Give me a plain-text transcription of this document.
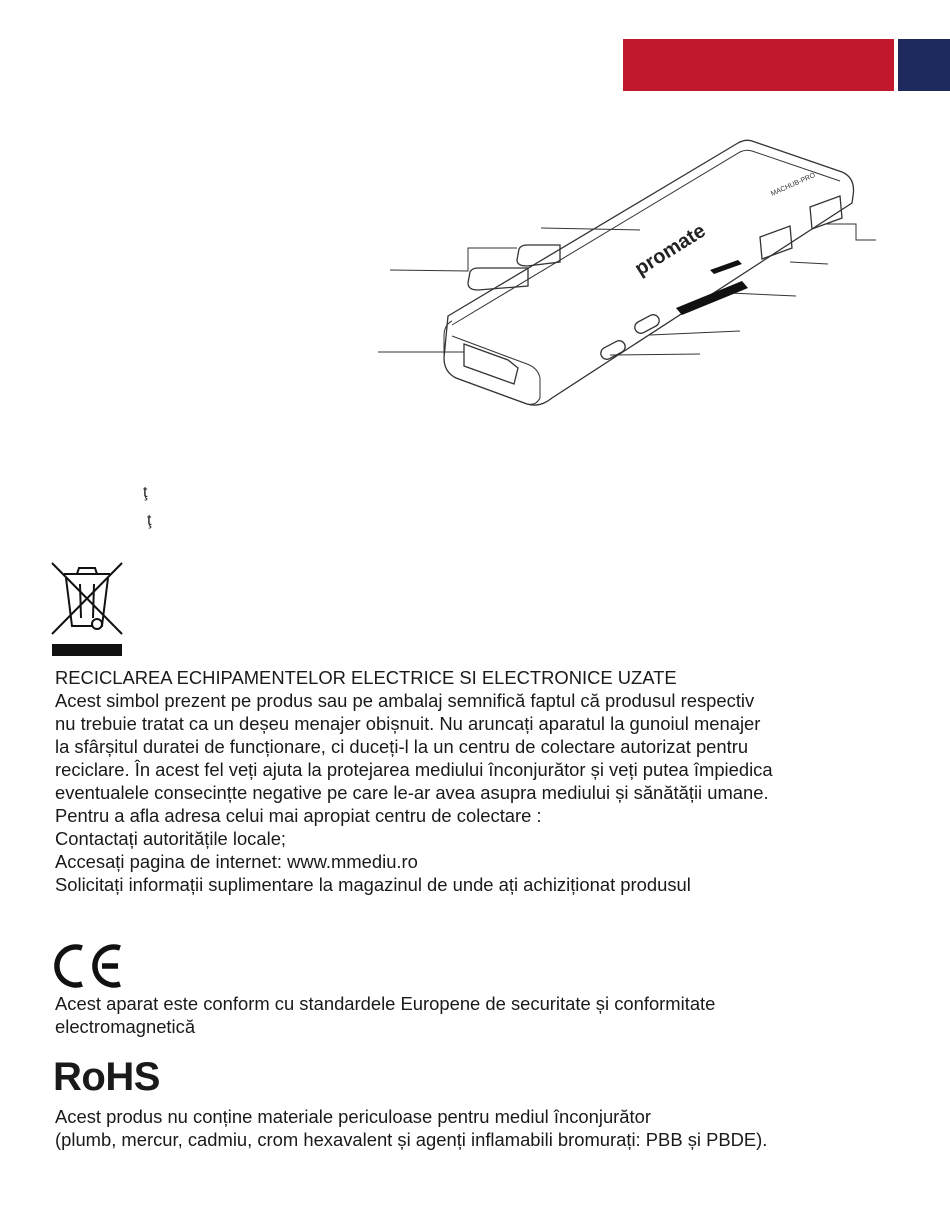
promate
MACHUB-PRO
ţ
ţ
RECICLAREA ECHIPAMENTELOR ELECTRICE SI ELECTRONICE UZATE
Acest simbol prezent pe produs sau pe ambalaj semnifică faptul că produsul respectiv
nu trebuie tratat ca un deșeu menajer obișnuit. Nu aruncați aparatul la gunoiul menajer
la sfârșitul duratei de funcționare, ci duceți-l la un centru de colectare autorizat pentru
reciclare. În acest fel veți ajuta la protejarea mediului înconjurător și veți putea împiedica
eventualele consecințte negative pe care le-ar avea asupra mediului și sănătății umane.
Pentru a afla adresa celui mai apropiat centru de colectare :
Contactați autoritățile locale;
Accesați pagina de internet: www.mmediu.ro
Solicitați informații suplimentare la magazinul de unde ați achiziționat produsul
Acest aparat este conform cu standardele Europene de securitate și conformitate
electromagnetică
RoHS
Acest produs nu conține materiale periculoase pentru mediul înconjurător
(plumb, mercur, cadmiu, crom hexavalent și agenți inflamabili bromurați: PBB și PBDE).
